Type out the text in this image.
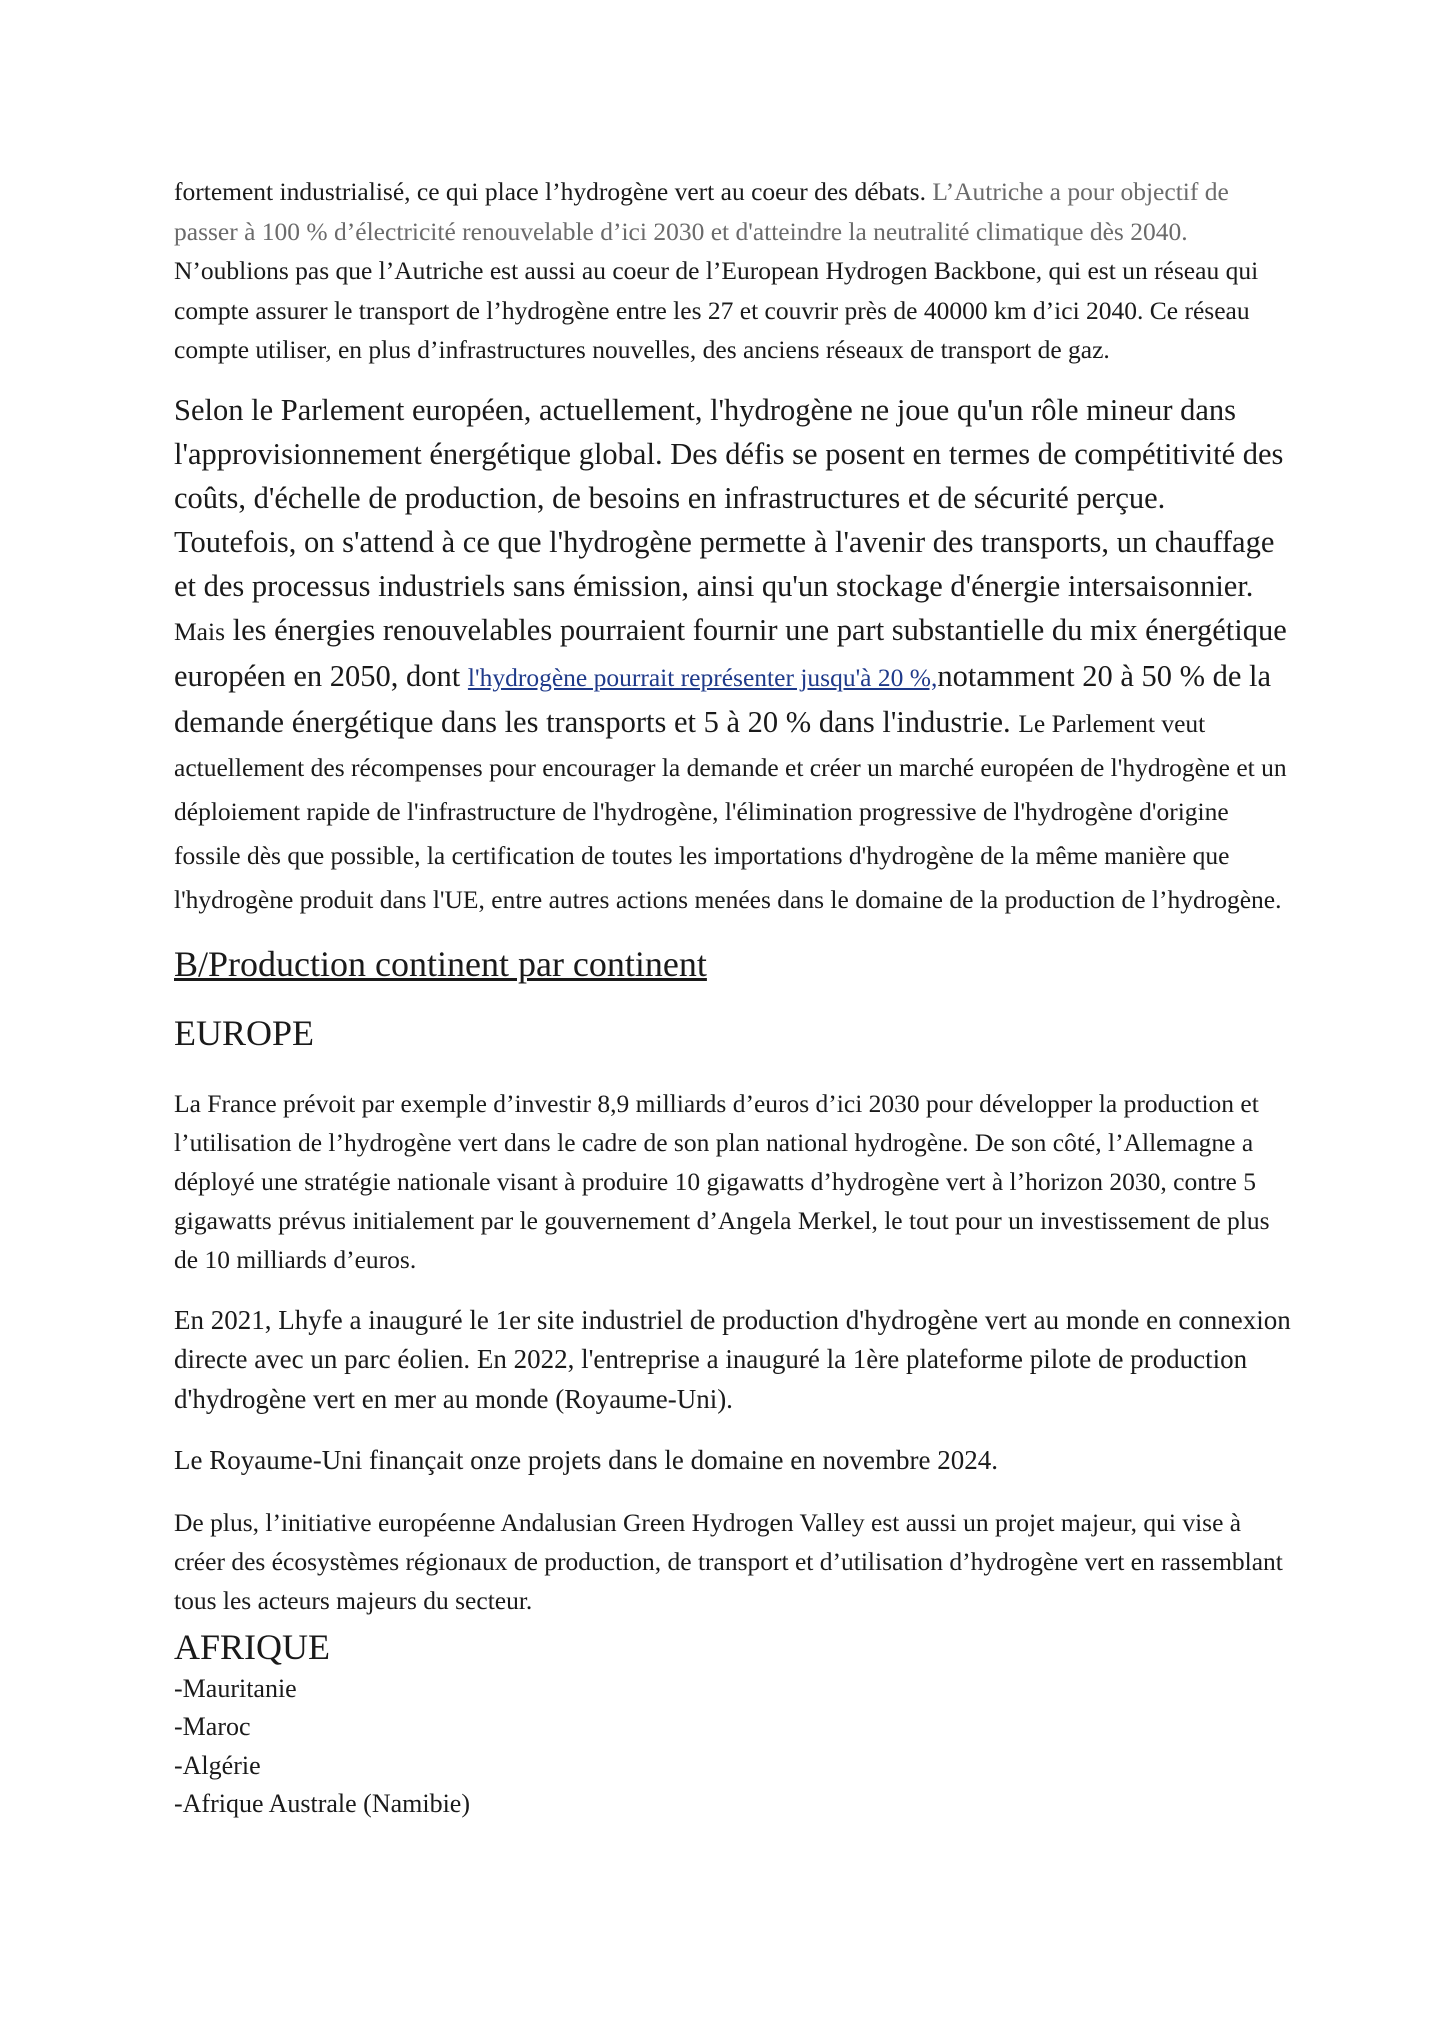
fortement industrialisé, ce qui place l’hydrogène vert au coeur des débats. L’Autriche a pour objectif de passer à 100 % d’électricité renouvelable d’ici 2030 et d'atteindre la neutralité climatique dès 2040. N’oublions pas que l’Autriche est aussi au coeur de l’European Hydrogen Backbone, qui est un réseau qui compte assurer le transport de l’hydrogène entre les 27 et couvrir près de 40000 km d’ici 2040. Ce réseau compte utiliser, en plus d’infrastructures nouvelles, des anciens réseaux de transport de gaz.

Selon le Parlement européen, actuellement, l'hydrogène ne joue qu'un rôle mineur dans l'approvisionnement énergétique global. Des défis se posent en termes de compétitivité des coûts, d'échelle de production, de besoins en infrastructures et de sécurité perçue. Toutefois, on s'attend à ce que l'hydrogène permette à l'avenir des transports, un chauffage et des processus industriels sans émission, ainsi qu'un stockage d'énergie intersaisonnier. Mais les énergies renouvelables pourraient fournir une part substantielle du mix énergétique européen en 2050, dont l'hydrogène pourrait représenter jusqu'à 20 %,notamment 20 à 50 % de la demande énergétique dans les transports et 5 à 20 % dans l'industrie. Le Parlement veut actuellement des récompenses pour encourager la demande et créer un marché européen de l'hydrogène et un déploiement rapide de l'infrastructure de l'hydrogène, l'élimination progressive de l'hydrogène d'origine fossile dès que possible, la certification de toutes les importations d'hydrogène de la même manière que l'hydrogène produit dans l'UE, entre autres actions menées dans le domaine de la production de l’hydrogène.

B/Production continent par continent
EUROPE

La France prévoit par exemple d’investir 8,9 milliards d’euros d’ici 2030 pour développer la production et l’utilisation de l’hydrogène vert dans le cadre de son plan national hydrogène. De son côté, l’Allemagne a déployé une stratégie nationale visant à produire 10 gigawatts d’hydrogène vert à l’horizon 2030, contre 5 gigawatts prévus initialement par le gouvernement d’Angela Merkel, le tout pour un investissement de plus de 10 milliards d’euros.

En 2021, Lhyfe a inauguré le 1er site industriel de production d'hydrogène vert au monde en connexion directe avec un parc éolien. En 2022, l'entreprise a inauguré la 1ère plateforme pilote de production d'hydrogène vert en mer au monde (Royaume-Uni).

Le Royaume-Uni finançait onze projets dans le domaine en novembre 2024.

De plus, l’initiative européenne Andalusian Green Hydrogen Valley est aussi un projet majeur, qui vise à créer des écosystèmes régionaux de production, de transport et d’utilisation d’hydrogène vert en rassemblant tous les acteurs majeurs du secteur.

AFRIQUE
-Mauritanie
-Maroc
-Algérie
-Afrique Australe (Namibie)
